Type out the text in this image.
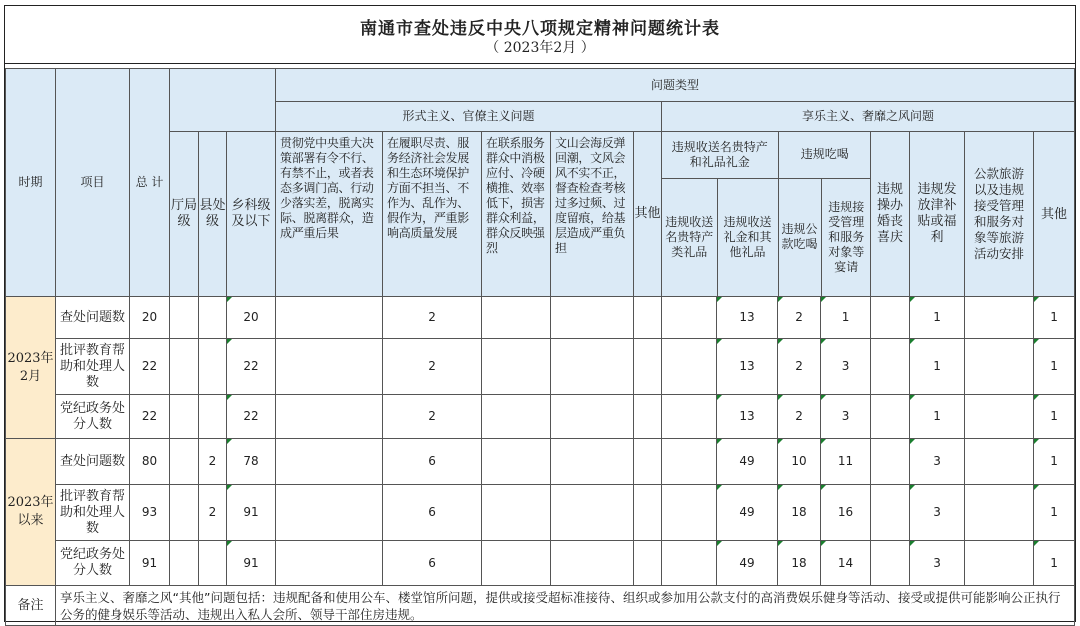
南通市查处违反中央八项规定精神问题统计表
（ 2023年2月 ）
时期	项目	总 计		问题类型
形式主义、官僚主义问题	享乐主义、奢靡之风问题
厅局级	县处级	乡科级及以下	贯彻党中央重大决策部署有令不行、有禁不止，或者表态多调门高、行动少落实差，脱离实际、脱离群众，造成严重后果	在履职尽责、服务经济社会发展和生态环境保护方面不担当、不作为、乱作为、假作为，严重影响高质量发展	在联系服务群众中消极应付、冷硬横推、效率低下，损害群众利益，群众反映强烈	文山会海反弹回潮，文风会风不实不正，督查检查考核过多过频、过度留痕，给基层造成严重负担	其他	
违规收送名贵特产和礼品礼金	违规吃喝
违规收送名贵特产类礼品	违规收送礼金和其他礼品	违规公款吃喝	违规接受管理和服务对象等宴请
	违规操办婚丧喜庆	违规发放津补贴或福利	公款旅游以及违规接受管理和服务对象等旅游活动安排	其他
2023年2月	查处问题数	20			20		2					13	2	1		1		1
批评教育帮助和处理人数	22			22		2					13	2	3		1		1
党纪政务处分人数	22			22		2					13	2	3		1		1
2023年以来	查处问题数	80		2	78		6					49	10	11		3		1
批评教育帮助和处理人数	93		2	91		6					49	18	16		3		1
党纪政务处分人数	91			91		6					49	18	14		3		1
备注	享乐主义、奢靡之风“其他”问题包括：违规配备和使用公车、楼堂馆所问题，提供或接受超标准接待、组织或参加用公款支付的高消费娱乐健身等活动、接受或提供可能影响公正执行公务的健身娱乐等活动、违规出入私人会所、领导干部住房违规。
